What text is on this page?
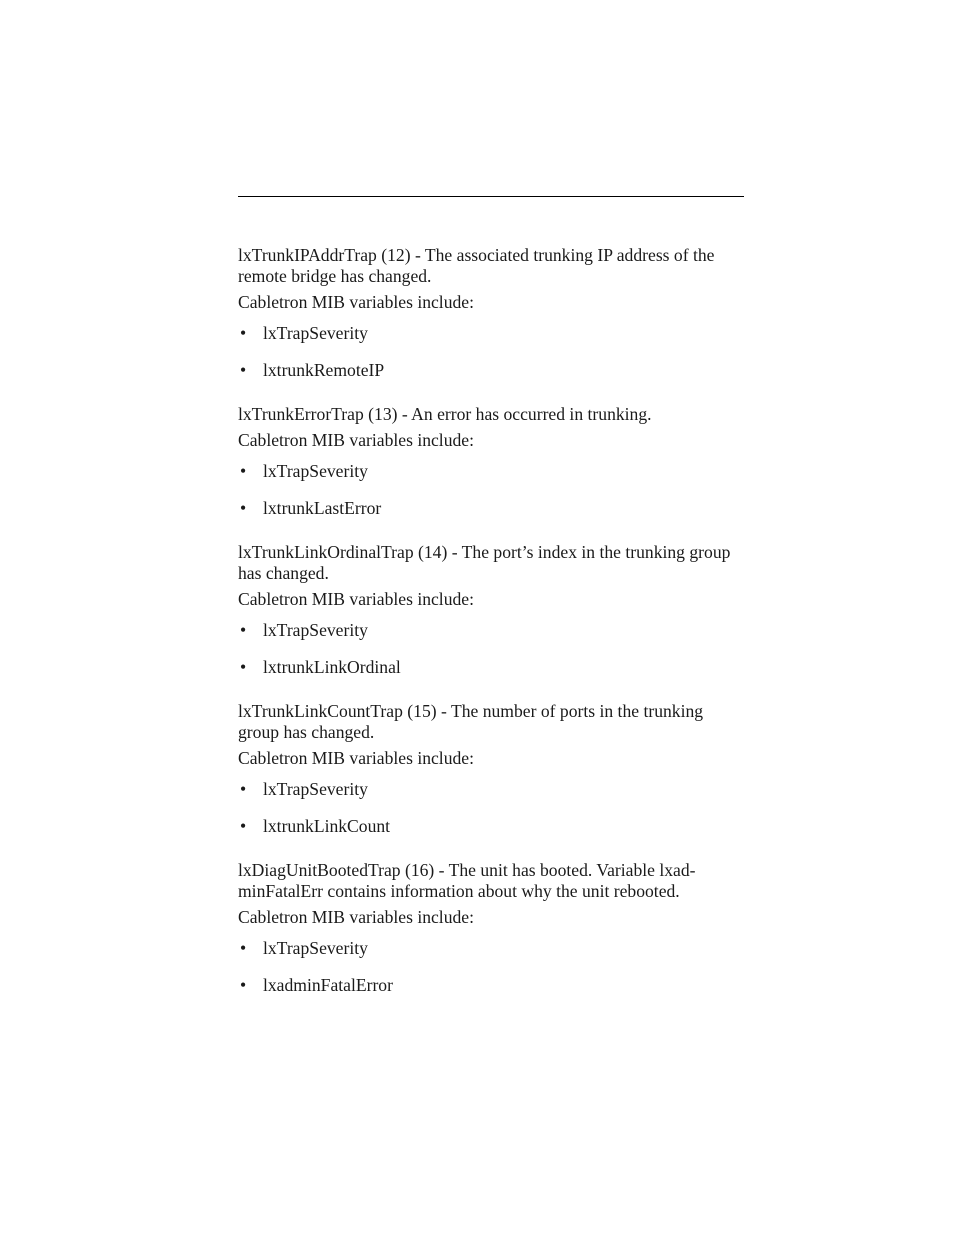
lxTrunkIPAddrTrap (12) - The associated trunking IP address of the remote bridge has changed.

Cabletron MIB variables include:

• lxTrapSeverity
• lxtrunkRemoteIP

lxTrunkErrorTrap (13) - An error has occurred in trunking.

Cabletron MIB variables include:

• lxTrapSeverity
• lxtrunkLastError

lxTrunkLinkOrdinalTrap (14) - The port’s index in the trunking group has changed.

Cabletron MIB variables include:

• lxTrapSeverity
• lxtrunkLinkOrdinal

lxTrunkLinkCountTrap (15) - The number of ports in the trunking group has changed.

Cabletron MIB variables include:

• lxTrapSeverity
• lxtrunkLinkCount

lxDiagUnitBootedTrap (16) - The unit has booted. Variable lxad-minFatalErr contains information about why the unit rebooted.

Cabletron MIB variables include:

• lxTrapSeverity
• lxadminFatalError
